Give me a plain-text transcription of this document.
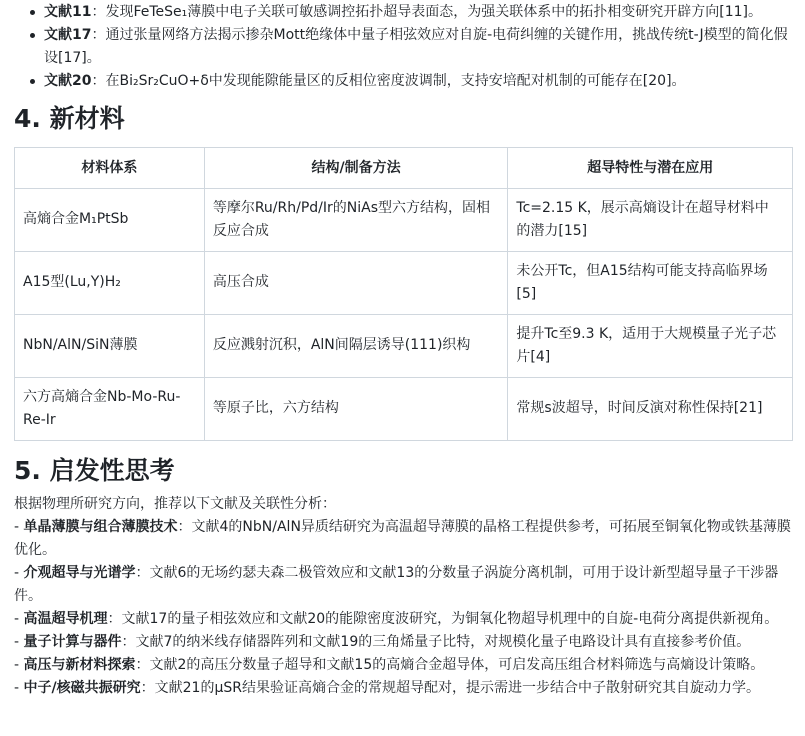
文献11：发现FeTeSe₁薄膜中电子关联可敏感调控拓扑超导表面态，为强关联体系中的拓扑相变研究开辟方向[11]。
文献17：通过张量网络方法揭示掺杂Mott绝缘体中量子相弦效应对自旋-电荷纠缠的关键作用，挑战传统t-J模型的简化假设[17]。
文献20：在Bi₂Sr₂CuO+δ中发现能隙能量区的反相位密度波调制，支持安培配对机制的可能存在[20]。
4. 新材料
材料体系	结构/制备方法	超导特性与潜在应用
高熵合金M₁PtSb	等摩尔Ru/Rh/Pd/Ir的NiAs型六方结构，固相反应合成	Tc=2.15 K，展示高熵设计在超导材料中的潜力[15]
A15型(Lu,Y)H₂	高压合成	未公开Tc，但A15结构可能支持高临界场[5]
NbN/AlN/SiN薄膜	反应溅射沉积，AlN间隔层诱导(111)织构	提升Tc至9.3 K，适用于大规模量子光子芯片[4]
六方高熵合金Nb-Mo-Ru-Re-Ir	等原子比，六方结构	常规s波超导，时间反演对称性保持[21]
5. 启发性思考

根据物理所研究方向，推荐以下文献及关联性分析：

- 单晶薄膜与组合薄膜技术：文献4的NbN/AlN异质结研究为高温超导薄膜的晶格工程提供参考，可拓展至铜氧化物或铁基薄膜优化。

- 介观超导与光谱学：文献6的无场约瑟夫森二极管效应和文献13的分数量子涡旋分离机制，可用于设计新型超导量子干涉器件。

- 高温超导机理：文献17的量子相弦效应和文献20的能隙密度波研究，为铜氧化物超导机理中的自旋-电荷分离提供新视角。

- 量子计算与器件：文献7的纳米线存储器阵列和文献19的三角烯量子比特，对规模化量子电路设计具有直接参考价值。

- 高压与新材料探索：文献2的高压分数量子超导和文献15的高熵合金超导体，可启发高压组合材料筛选与高熵设计策略。

- 中子/核磁共振研究：文献21的μSR结果验证高熵合金的常规超导配对，提示需进一步结合中子散射研究其自旋动力学。
